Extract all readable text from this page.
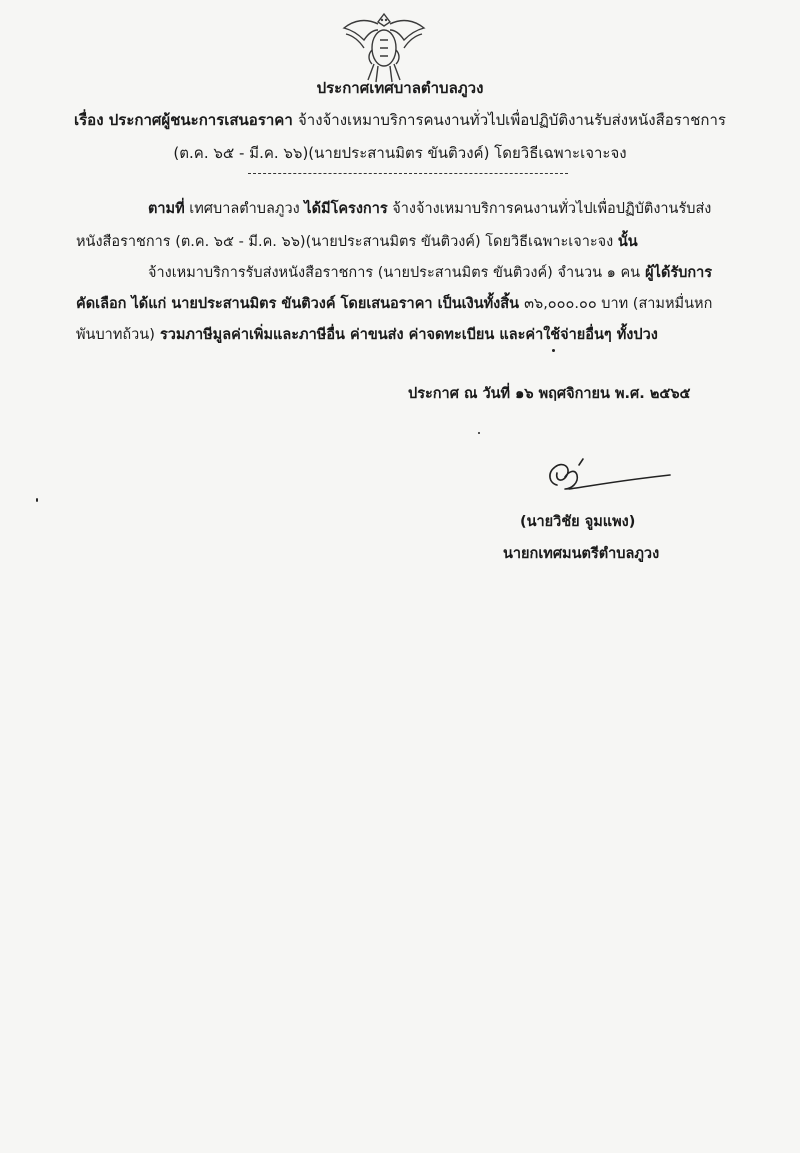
ประกาศเทศบาลตำบลภูวง
เรื่อง ประกาศผู้ชนะการเสนอราคา จ้างจ้างเหมาบริการคนงานทั่วไปเพื่อปฏิบัติงานรับส่งหนังสือราชการ (ต.ค. ๖๕ - มี.ค. ๖๖)(นายประสานมิตร ขันติวงค์) โดยวิธีเฉพาะเจาะจง
ตามที่ เทศบาลตำบลภูวง ได้มีโครงการ จ้างจ้างเหมาบริการคนงานทั่วไปเพื่อปฏิบัติงานรับส่งหนังสือราชการ (ต.ค. ๖๕ - มี.ค. ๖๖)(นายประสานมิตร ขันติวงค์) โดยวิธีเฉพาะเจาะจง นั้น
จ้างเหมาบริการรับส่งหนังสือราชการ (นายประสานมิตร ขันติวงค์) จำนวน ๑ คน ผู้ได้รับการคัดเลือก ได้แก่ นายประสานมิตร ขันติวงค์ โดยเสนอราคา เป็นเงินทั้งสิ้น ๓๖,๐๐๐.๐๐ บาท (สามหมื่นหกพันบาทถ้วน) รวมภาษีมูลค่าเพิ่มและภาษีอื่น ค่าขนส่ง ค่าจดทะเบียน และค่าใช้จ่ายอื่นๆ ทั้งปวง
ประกาศ ณ วันที่ ๑๖ พฤศจิกายน พ.ศ. ๒๕๖๕
(นายวิชัย จูมแพง)
นายกเทศมนตรีตำบลภูวง
